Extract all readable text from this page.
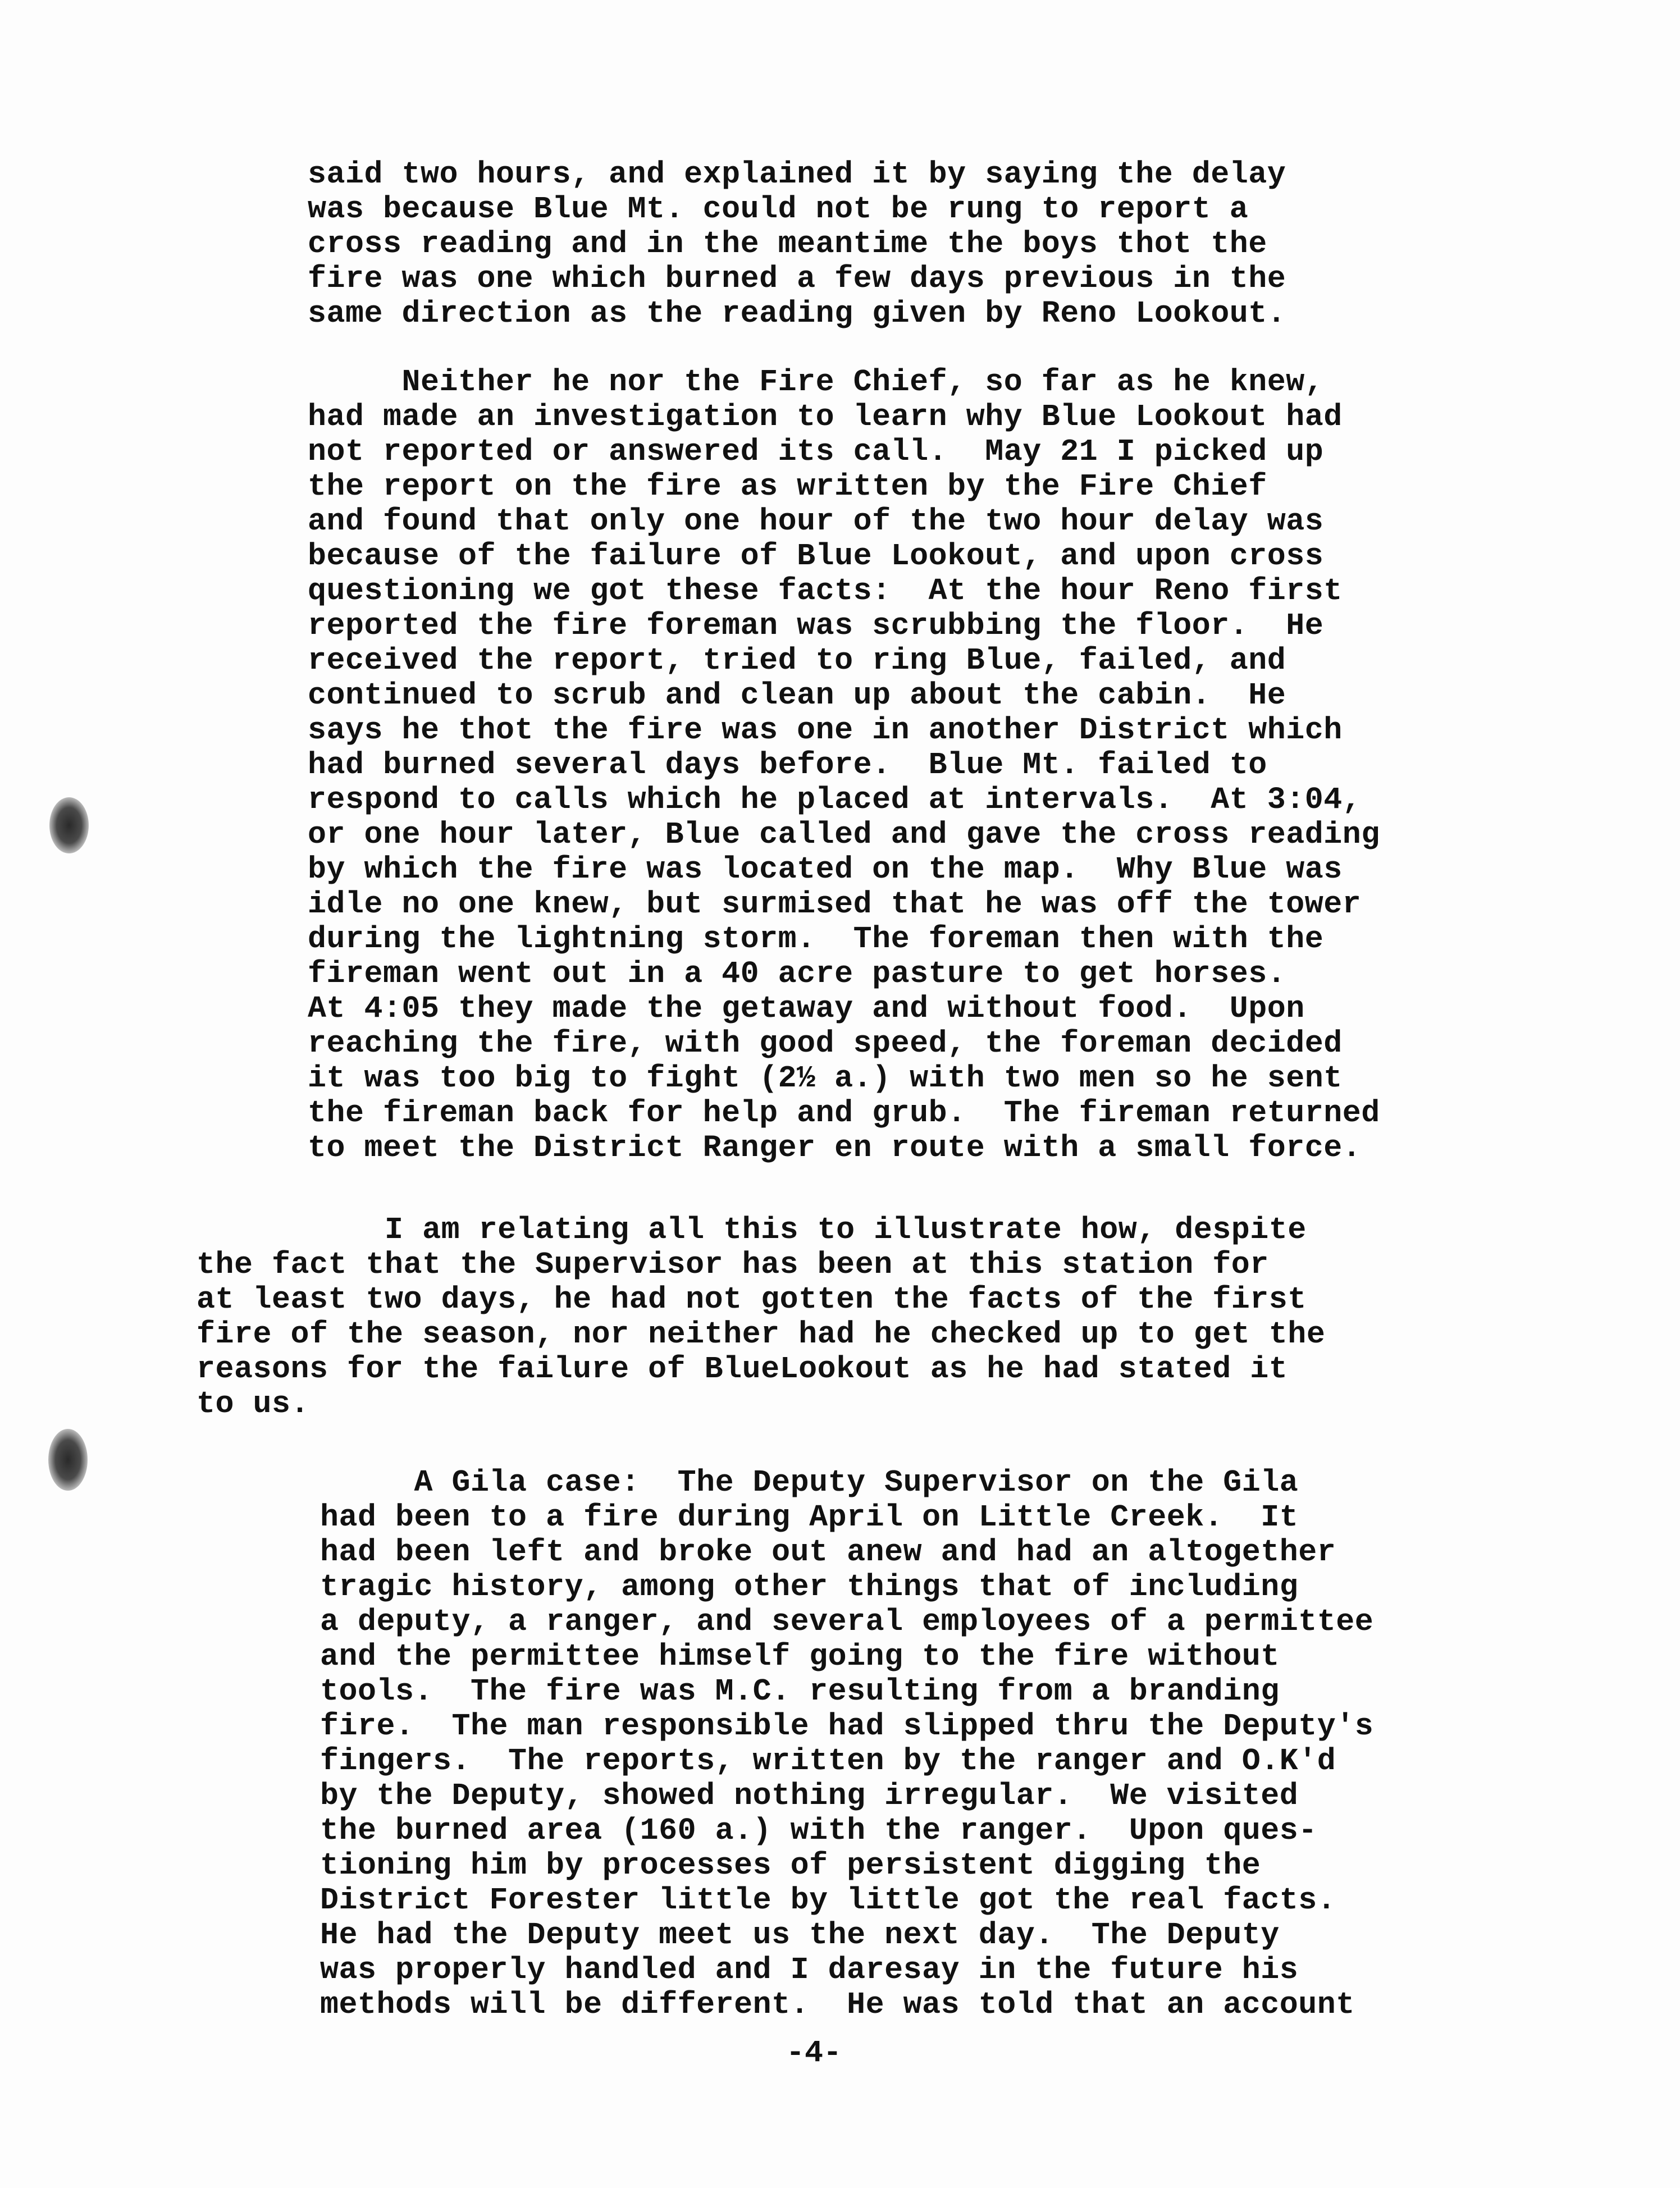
said two hours, and explained it by saying the delay
was because Blue Mt. could not be rung to report a
cross reading and in the meantime the boys thot the
fire was one which burned a few days previous in the
same direction as the reading given by Reno Lookout.
Neither he nor the Fire Chief, so far as he knew,
had made an investigation to learn why Blue Lookout had
not reported or answered its call.  May 21 I picked up
the report on the fire as written by the Fire Chief
and found that only one hour of the two hour delay was
because of the failure of Blue Lookout, and upon cross
questioning we got these facts:  At the hour Reno first
reported the fire foreman was scrubbing the floor.  He
received the report, tried to ring Blue, failed, and
continued to scrub and clean up about the cabin.  He
says he thot the fire was one in another District which
had burned several days before.  Blue Mt. failed to
respond to calls which he placed at intervals.  At 3:04,
or one hour later, Blue called and gave the cross reading
by which the fire was located on the map.  Why Blue was
idle no one knew, but surmised that he was off the tower
during the lightning storm.  The foreman then with the
fireman went out in a 40 acre pasture to get horses.
At 4:05 they made the getaway and without food.  Upon
reaching the fire, with good speed, the foreman decided
it was too big to fight (2½ a.) with two men so he sent
the fireman back for help and grub.  The fireman returned
to meet the District Ranger en route with a small force.
I am relating all this to illustrate how, despite
the fact that the Supervisor has been at this station for
at least two days, he had not gotten the facts of the first
fire of the season, nor neither had he checked up to get the
reasons for the failure of BlueLookout as he had stated it
to us.
A Gila case:  The Deputy Supervisor on the Gila
had been to a fire during April on Little Creek.  It
had been left and broke out anew and had an altogether
tragic history, among other things that of including
a deputy, a ranger, and several employees of a permittee
and the permittee himself going to the fire without
tools.  The fire was M.C. resulting from a branding
fire.  The man responsible had slipped thru the Deputy's
fingers.  The reports, written by the ranger and O.K'd
by the Deputy, showed nothing irregular.  We visited
the burned area (160 a.) with the ranger.  Upon ques-
tioning him by processes of persistent digging the
District Forester little by little got the real facts.
He had the Deputy meet us the next day.  The Deputy
was properly handled and I daresay in the future his
methods will be different.  He was told that an account
-4-
